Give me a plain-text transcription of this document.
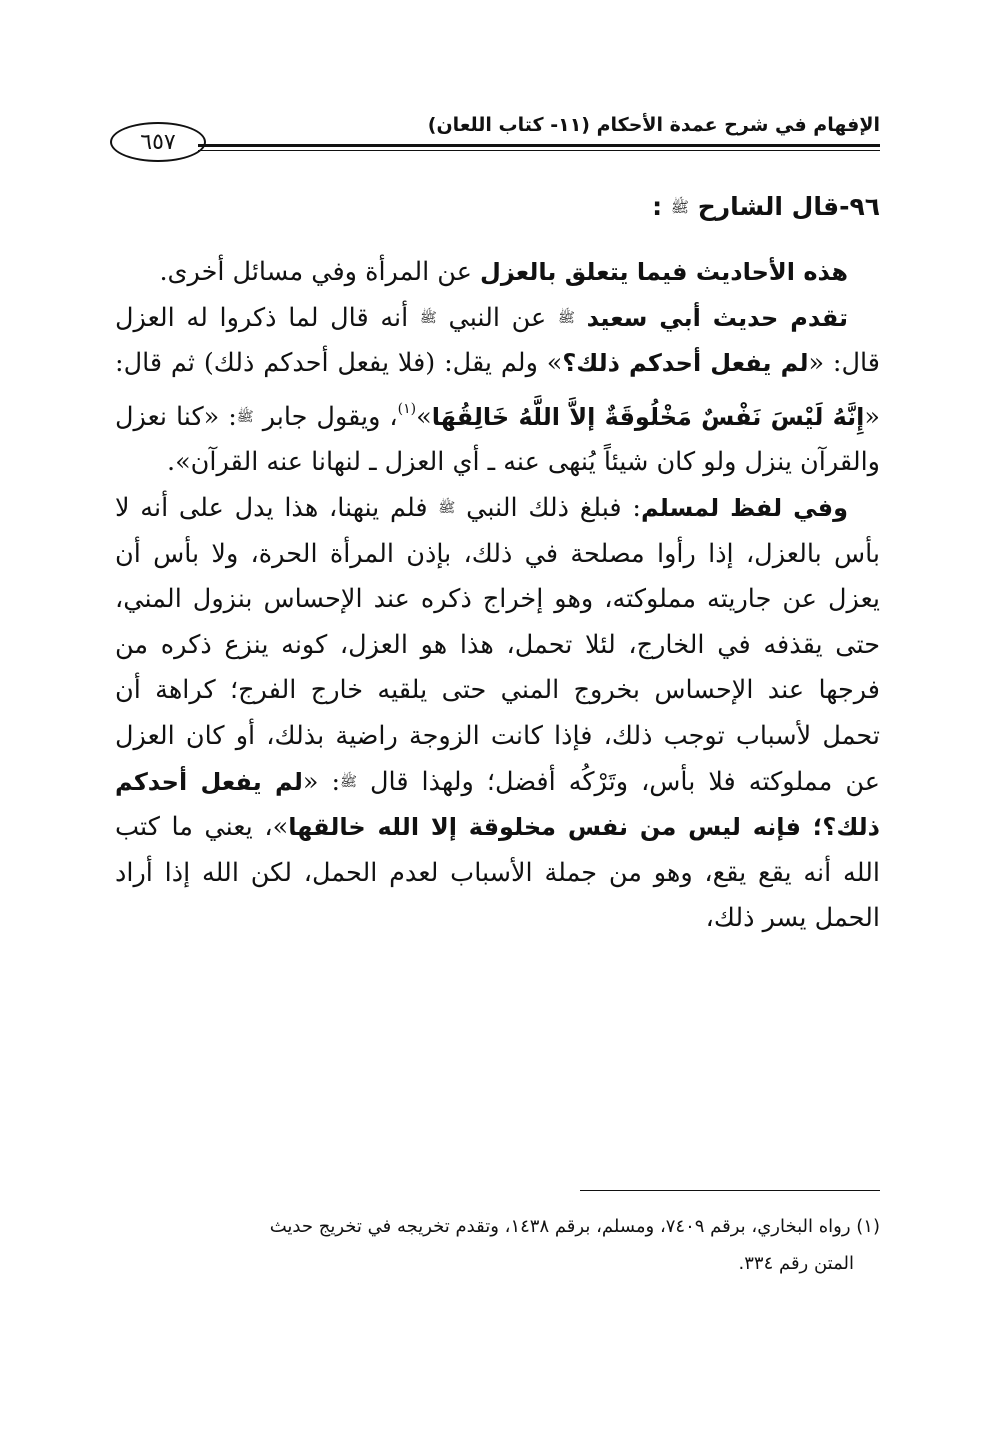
الإفهام في شرح عمدة الأحكام (١١- كتاب اللعان)
٦٥٧
٩٦-قال الشارح ﷺ :

هذه الأحاديث فيما يتعلق بالعزل عن المرأة وفي مسائل أخرى.

تقدم حديث أبي سعيد ﷺ عن النبي ﷺ أنه قال لما ذكروا له العزل قال: «لم يفعل أحدكم ذلك؟» ولم يقل: (فلا يفعل أحدكم ذلك) ثم قال: «إِنَّهُ لَيْسَ نَفْسٌ مَخْلُوقَةٌ إلاَّ اللَّهُ خَالِقُهَا»$^{(١)}$، ويقول جابر ﷺ: «كنا نعزل والقرآن ينزل ولو كان شيئاً يُنهى عنه ـ أي العزل ـ لنهانا عنه القرآن».

وفي لفظ لمسلم: فبلغ ذلك النبي ﷺ فلم ينهنا، هذا يدل على أنه لا بأس بالعزل، إذا رأوا مصلحة في ذلك، بإذن المرأة الحرة، ولا بأس أن يعزل عن جاريته مملوكته، وهو إخراج ذكره عند الإحساس بنزول المني، حتى يقذفه في الخارج، لئلا تحمل، هذا هو العزل، كونه ينزع ذكره من فرجها عند الإحساس بخروج المني حتى يلقيه خارج الفرج؛ كراهة أن تحمل لأسباب توجب ذلك، فإذا كانت الزوجة راضية بذلك، أو كان العزل عن مملوكته فلا بأس، وتَرْكُه أفضل؛ ولهذا قال ﷺ: «لم يفعل أحدكم ذلك؟؛ فإنه ليس من نفس مخلوقة إلا الله خالقها»، يعني ما كتب الله أنه يقع يقع، وهو من جملة الأسباب لعدم الحمل، لكن الله إذا أراد الحمل يسر ذلك،

(١) رواه البخاري، برقم ٧٤٠٩، ومسلم، برقم ١٤٣٨، وتقدم تخريجه في تخريج حديث
المتن رقم ٣٣٤.
